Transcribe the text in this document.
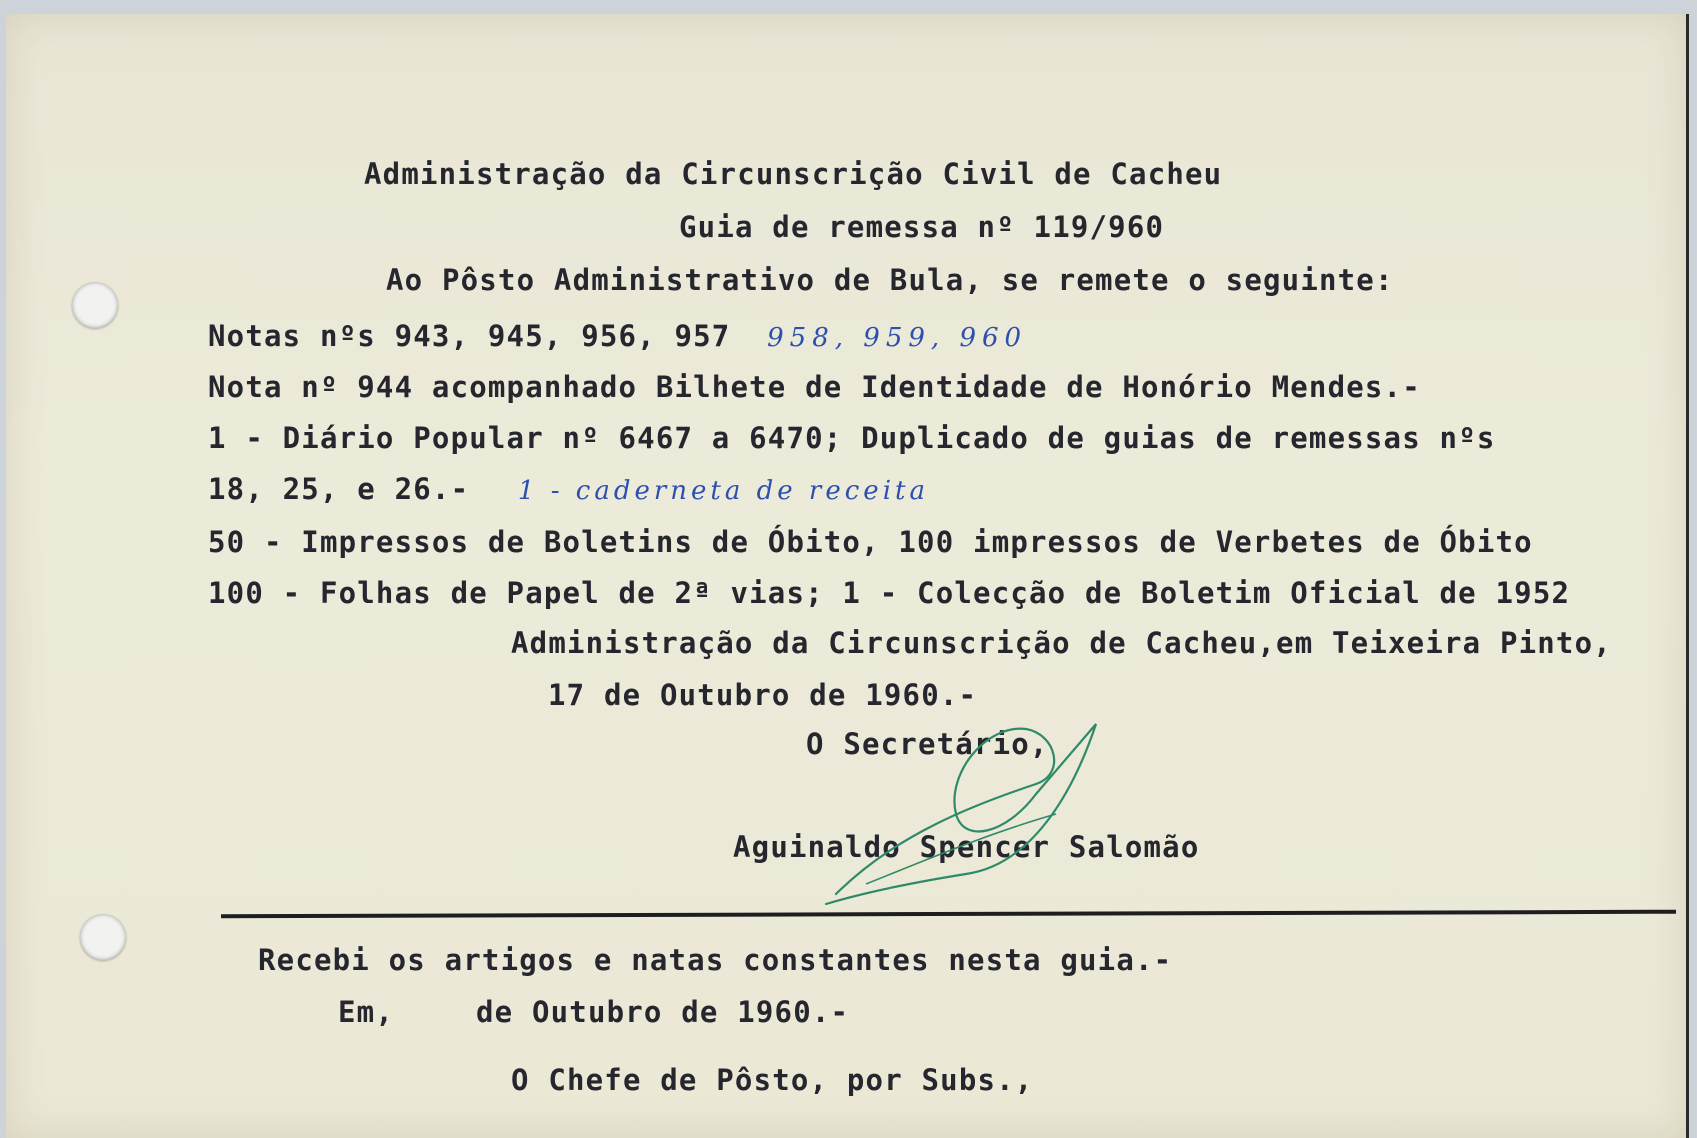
Administração da Circunscrição Civil de Cacheu
Guia de remessa nº 119/960
Ao Pôsto Administrativo de Bula, se remete o seguinte:
Notas nºs 943, 945, 956, 957 958, 959, 960
Nota nº 944 acompanhado Bilhete de Identidade de Honório Mendes.-
1 - Diário Popular nº 6467 a 6470; Duplicado de guias de remessas nºs
18, 25, e 26.- 1 - caderneta de receita
50 - Impressos de Boletins de Óbito, 100 impressos de Verbetes de Óbito
100 - Folhas de Papel de 2ª vias; 1 - Colecção de Boletim Oficial de 1952
Administração da Circunscrição de Cacheu,em Teixeira Pinto,
17 de Outubro de 1960.-
O Secretário,
Aguinaldo Spencer Salomão
Recebi os artigos e natas constantes nesta guia.-
Em,	de Outubro de 1960.-
O Chefe de Pôsto, por Subs.,
